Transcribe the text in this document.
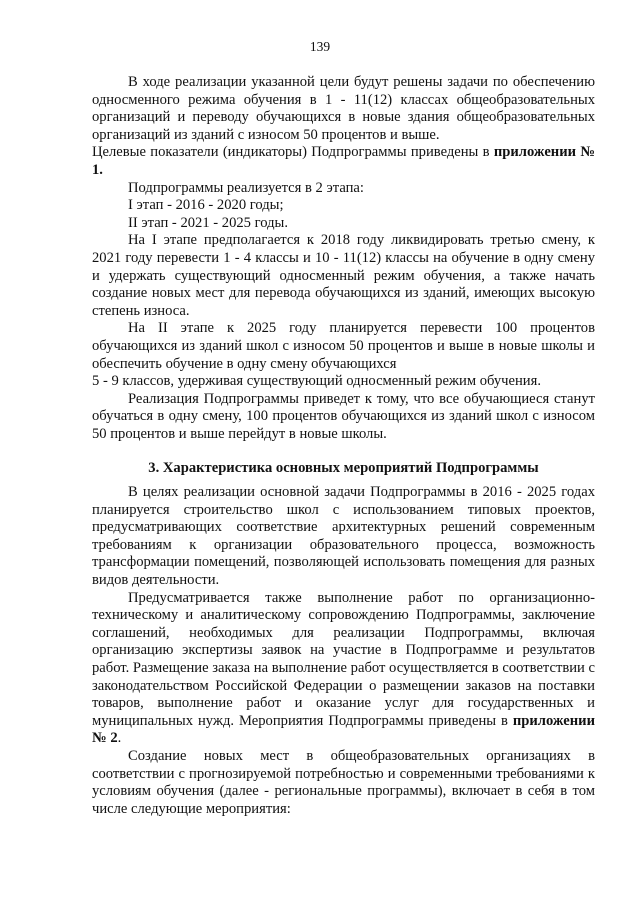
139

В ходе реализации указанной цели будут решены задачи по обеспечению односменного режима обучения в 1 - 11(12) классах общеобразовательных организаций и переводу обучающихся в новые здания общеобразовательных организаций из зданий с износом 50 процентов и выше.

Целевые показатели (индикаторы) Подпрограммы приведены в приложении № 1.

Подпрограммы реализуется в 2 этапа:

I этап - 2016 - 2020 годы;

II этап - 2021 - 2025 годы.

На I этапе предполагается к 2018 году ликвидировать третью смену, к 2021 году перевести 1 - 4 классы и 10 - 11(12) классы на обучение в одну смену и удержать существующий односменный режим обучения, а также начать создание новых мест для перевода обучающихся из зданий, имеющих высокую степень износа.

На II этапе к 2025 году планируется перевести 100 процентов обучающихся из зданий школ с износом 50 процентов и выше в новые школы и обеспечить обучение в одну смену обучающихся

5 - 9 классов, удерживая существующий односменный режим обучения.

Реализация Подпрограммы приведет к тому, что все обучающиеся станут обучаться в одну смену, 100 процентов обучающихся из зданий школ с износом 50 процентов и выше перейдут в новые школы.

3. Характеристика основных мероприятий Подпрограммы

В целях реализации основной задачи Подпрограммы в 2016 - 2025 годах планируется строительство школ с использованием типовых проектов, предусматривающих соответствие архитектурных решений современным требованиям к организации образовательного процесса, возможность трансформации помещений, позволяющей использовать помещения для разных видов деятельности.

Предусматривается также выполнение работ по организационно-техническому и аналитическому сопровождению Подпрограммы, заключение соглашений, необходимых для реализации Подпрограммы, включая организацию экспертизы заявок на участие в Подпрограмме и результатов работ. Размещение заказа на выполнение работ осуществляется в соответствии с законодательством Российской Федерации о размещении заказов на поставки товаров, выполнение работ и оказание услуг для государственных и муниципальных нужд. Мероприятия Подпрограммы приведены в приложении № 2.

Создание новых мест в общеобразовательных организациях в соответствии с прогнозируемой потребностью и современными требованиями к условиям обучения (далее - региональные программы), включает в себя в том числе следующие мероприятия:
